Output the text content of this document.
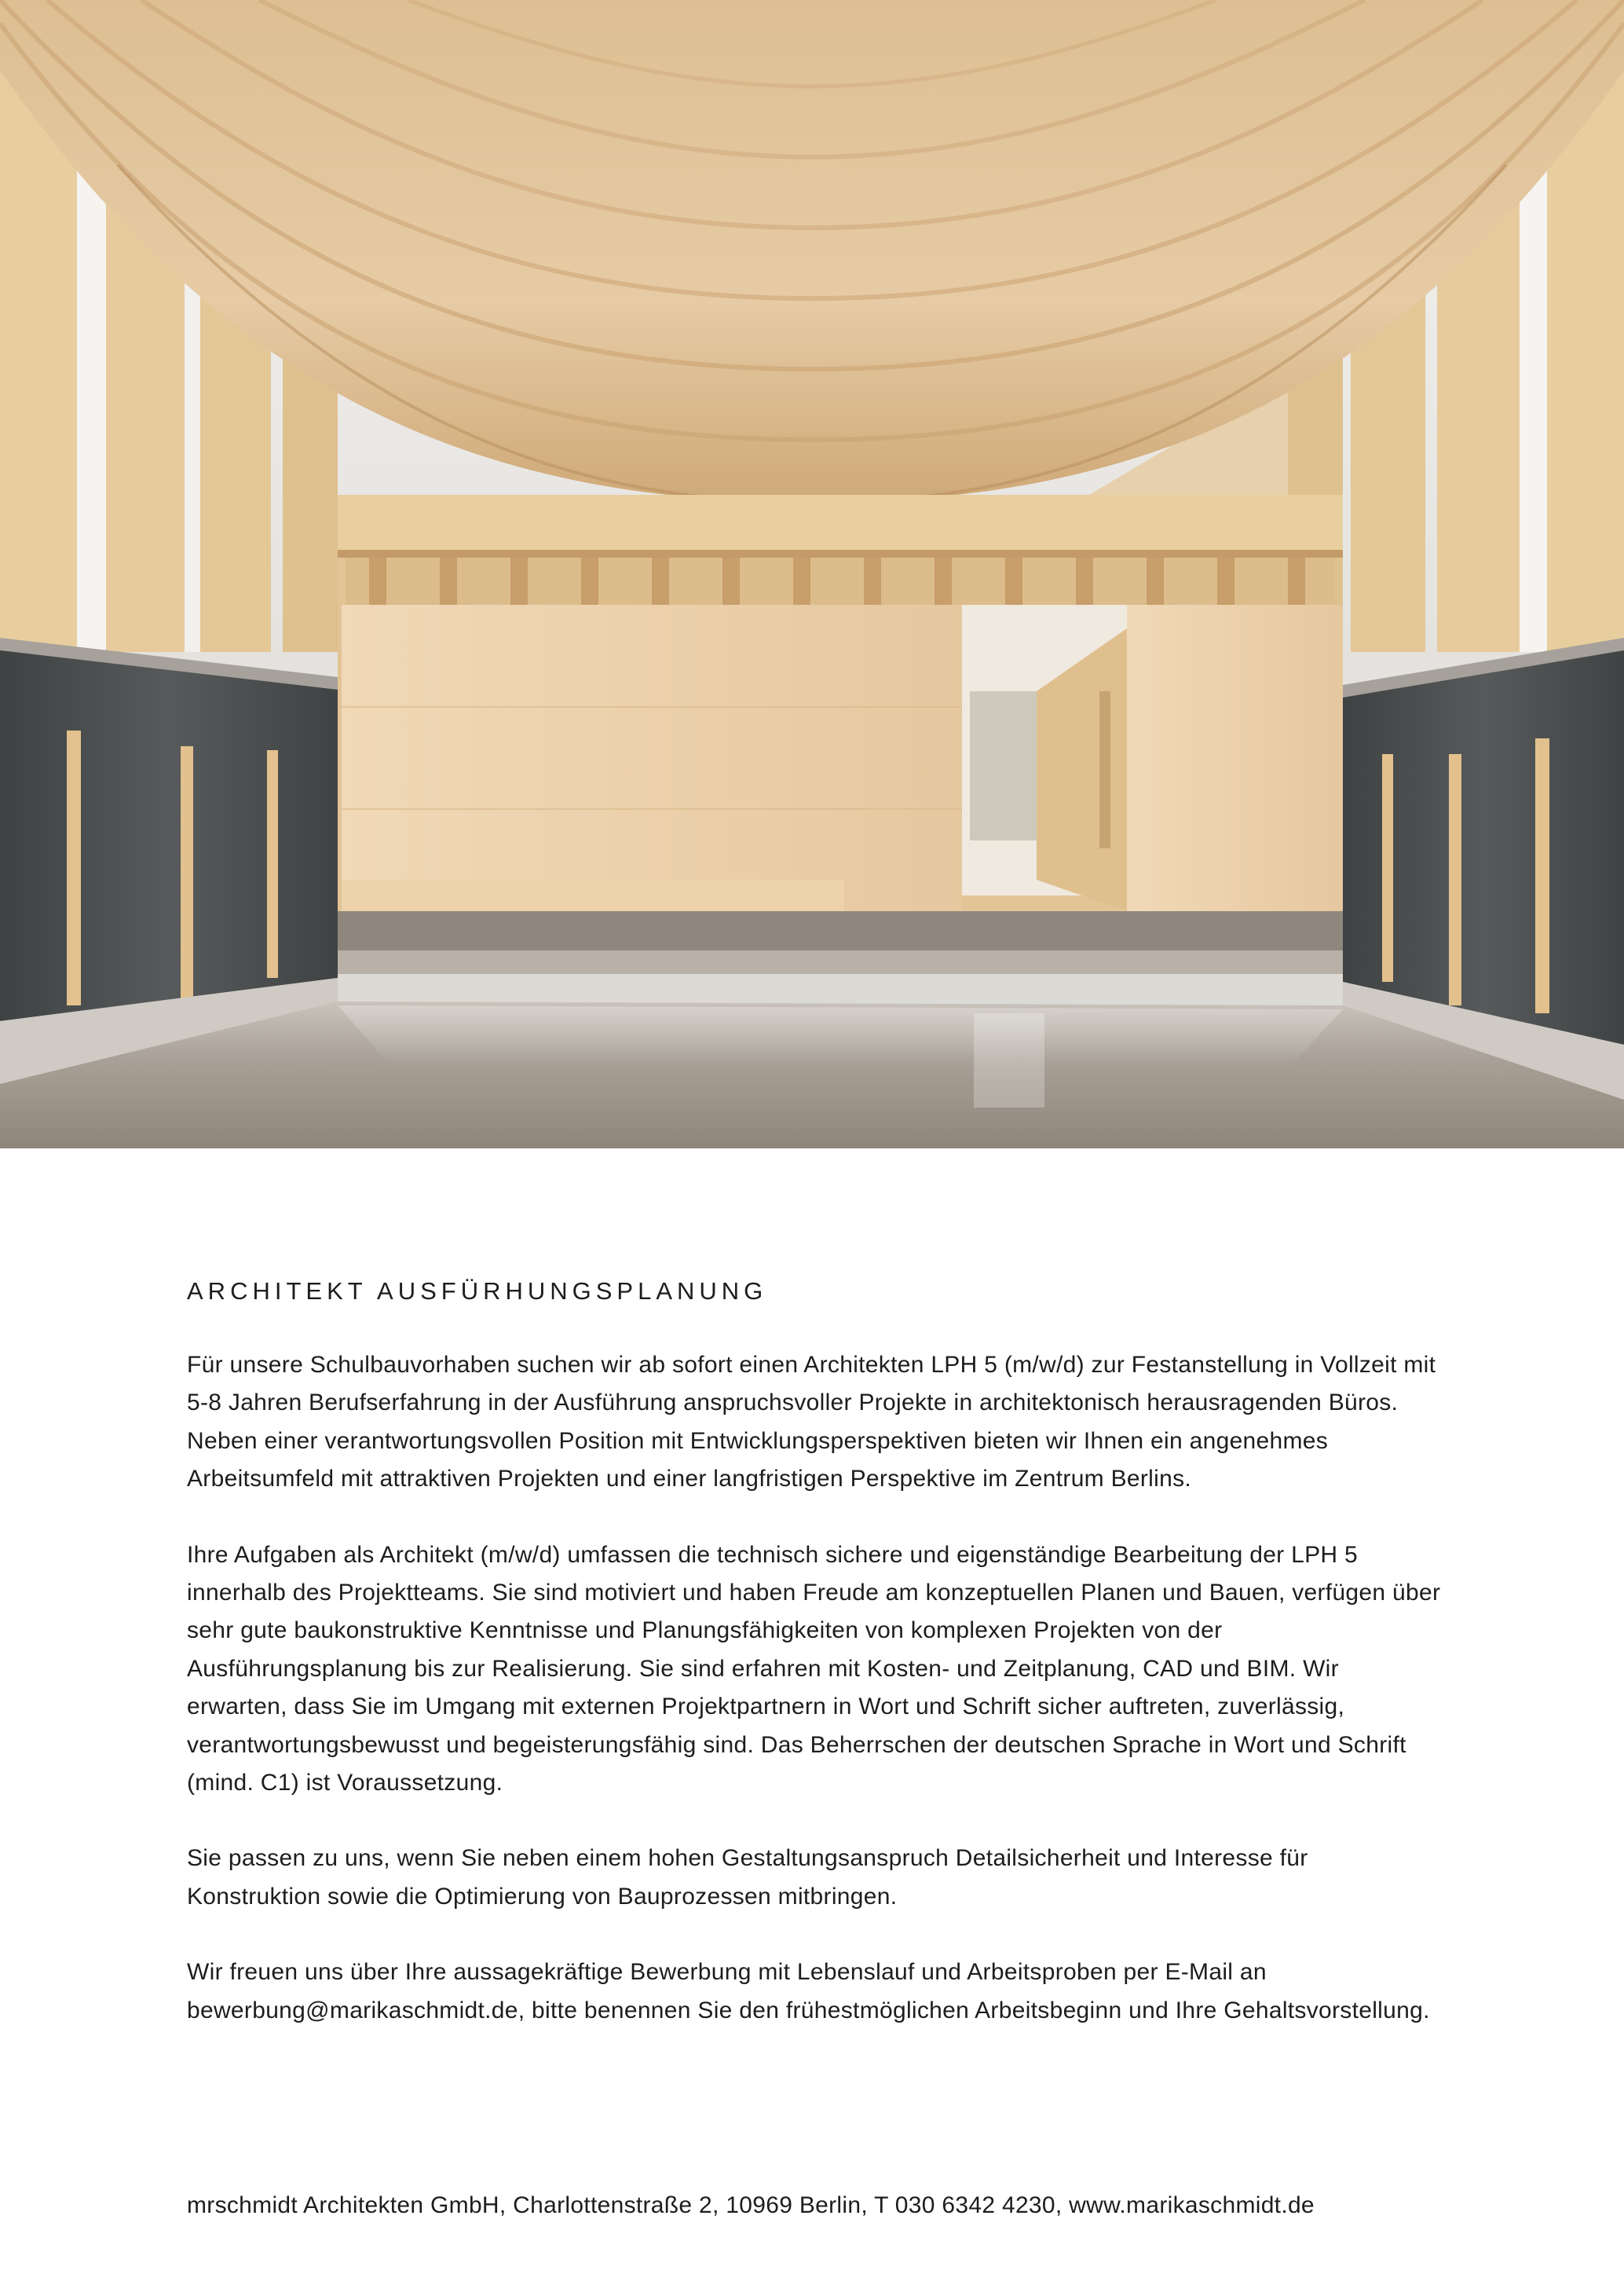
ARCHITEKT AUSFÜRHUNGSPLANUNG

Für unsere Schulbauvorhaben suchen wir ab sofort einen Architekten LPH 5 (m/w/d) zur Festanstellung in Vollzeit mit 5-8 Jahren Berufserfahrung in der Ausführung anspruchsvoller Projekte in architektonisch herausragenden Büros. Neben einer verantwortungsvollen Position mit Entwicklungsperspektiven bieten wir Ihnen ein angenehmes Arbeitsumfeld mit attraktiven Projekten und einer langfristigen Perspektive im Zentrum Berlins.

Ihre Aufgaben als Architekt (m/w/d) umfassen die technisch sichere und eigenständige Bearbeitung der LPH 5 innerhalb des Projektteams. Sie sind motiviert und haben Freude am konzeptuellen Planen und Bauen, verfügen über sehr gute baukonstruktive Kenntnisse und Planungsfähigkeiten von komplexen Projekten von der Ausführungsplanung bis zur Realisierung. Sie sind erfahren mit Kosten- und Zeitplanung, CAD und BIM. Wir erwarten, dass Sie im Umgang mit externen Projektpartnern in Wort und Schrift sicher auftreten, zuverlässig, verantwortungsbewusst und begeisterungsfähig sind. Das Beherrschen der deutschen Sprache in Wort und Schrift (mind. C1) ist Voraussetzung.

Sie passen zu uns, wenn Sie neben einem hohen Gestaltungsanspruch Detailsicherheit und Interesse für Konstruktion sowie die Optimierung von Bauprozessen mitbringen.

Wir freuen uns über Ihre aussagekräftige Bewerbung mit Lebenslauf und Arbeitsproben per E-Mail an bewerbung@marikaschmidt.de, bitte benennen Sie den frühestmöglichen Arbeitsbeginn und Ihre Gehaltsvorstellung.

mrschmidt Architekten GmbH, Charlottenstraße 2, 10969 Berlin, T 030 6342 4230, www.marikaschmidt.de
